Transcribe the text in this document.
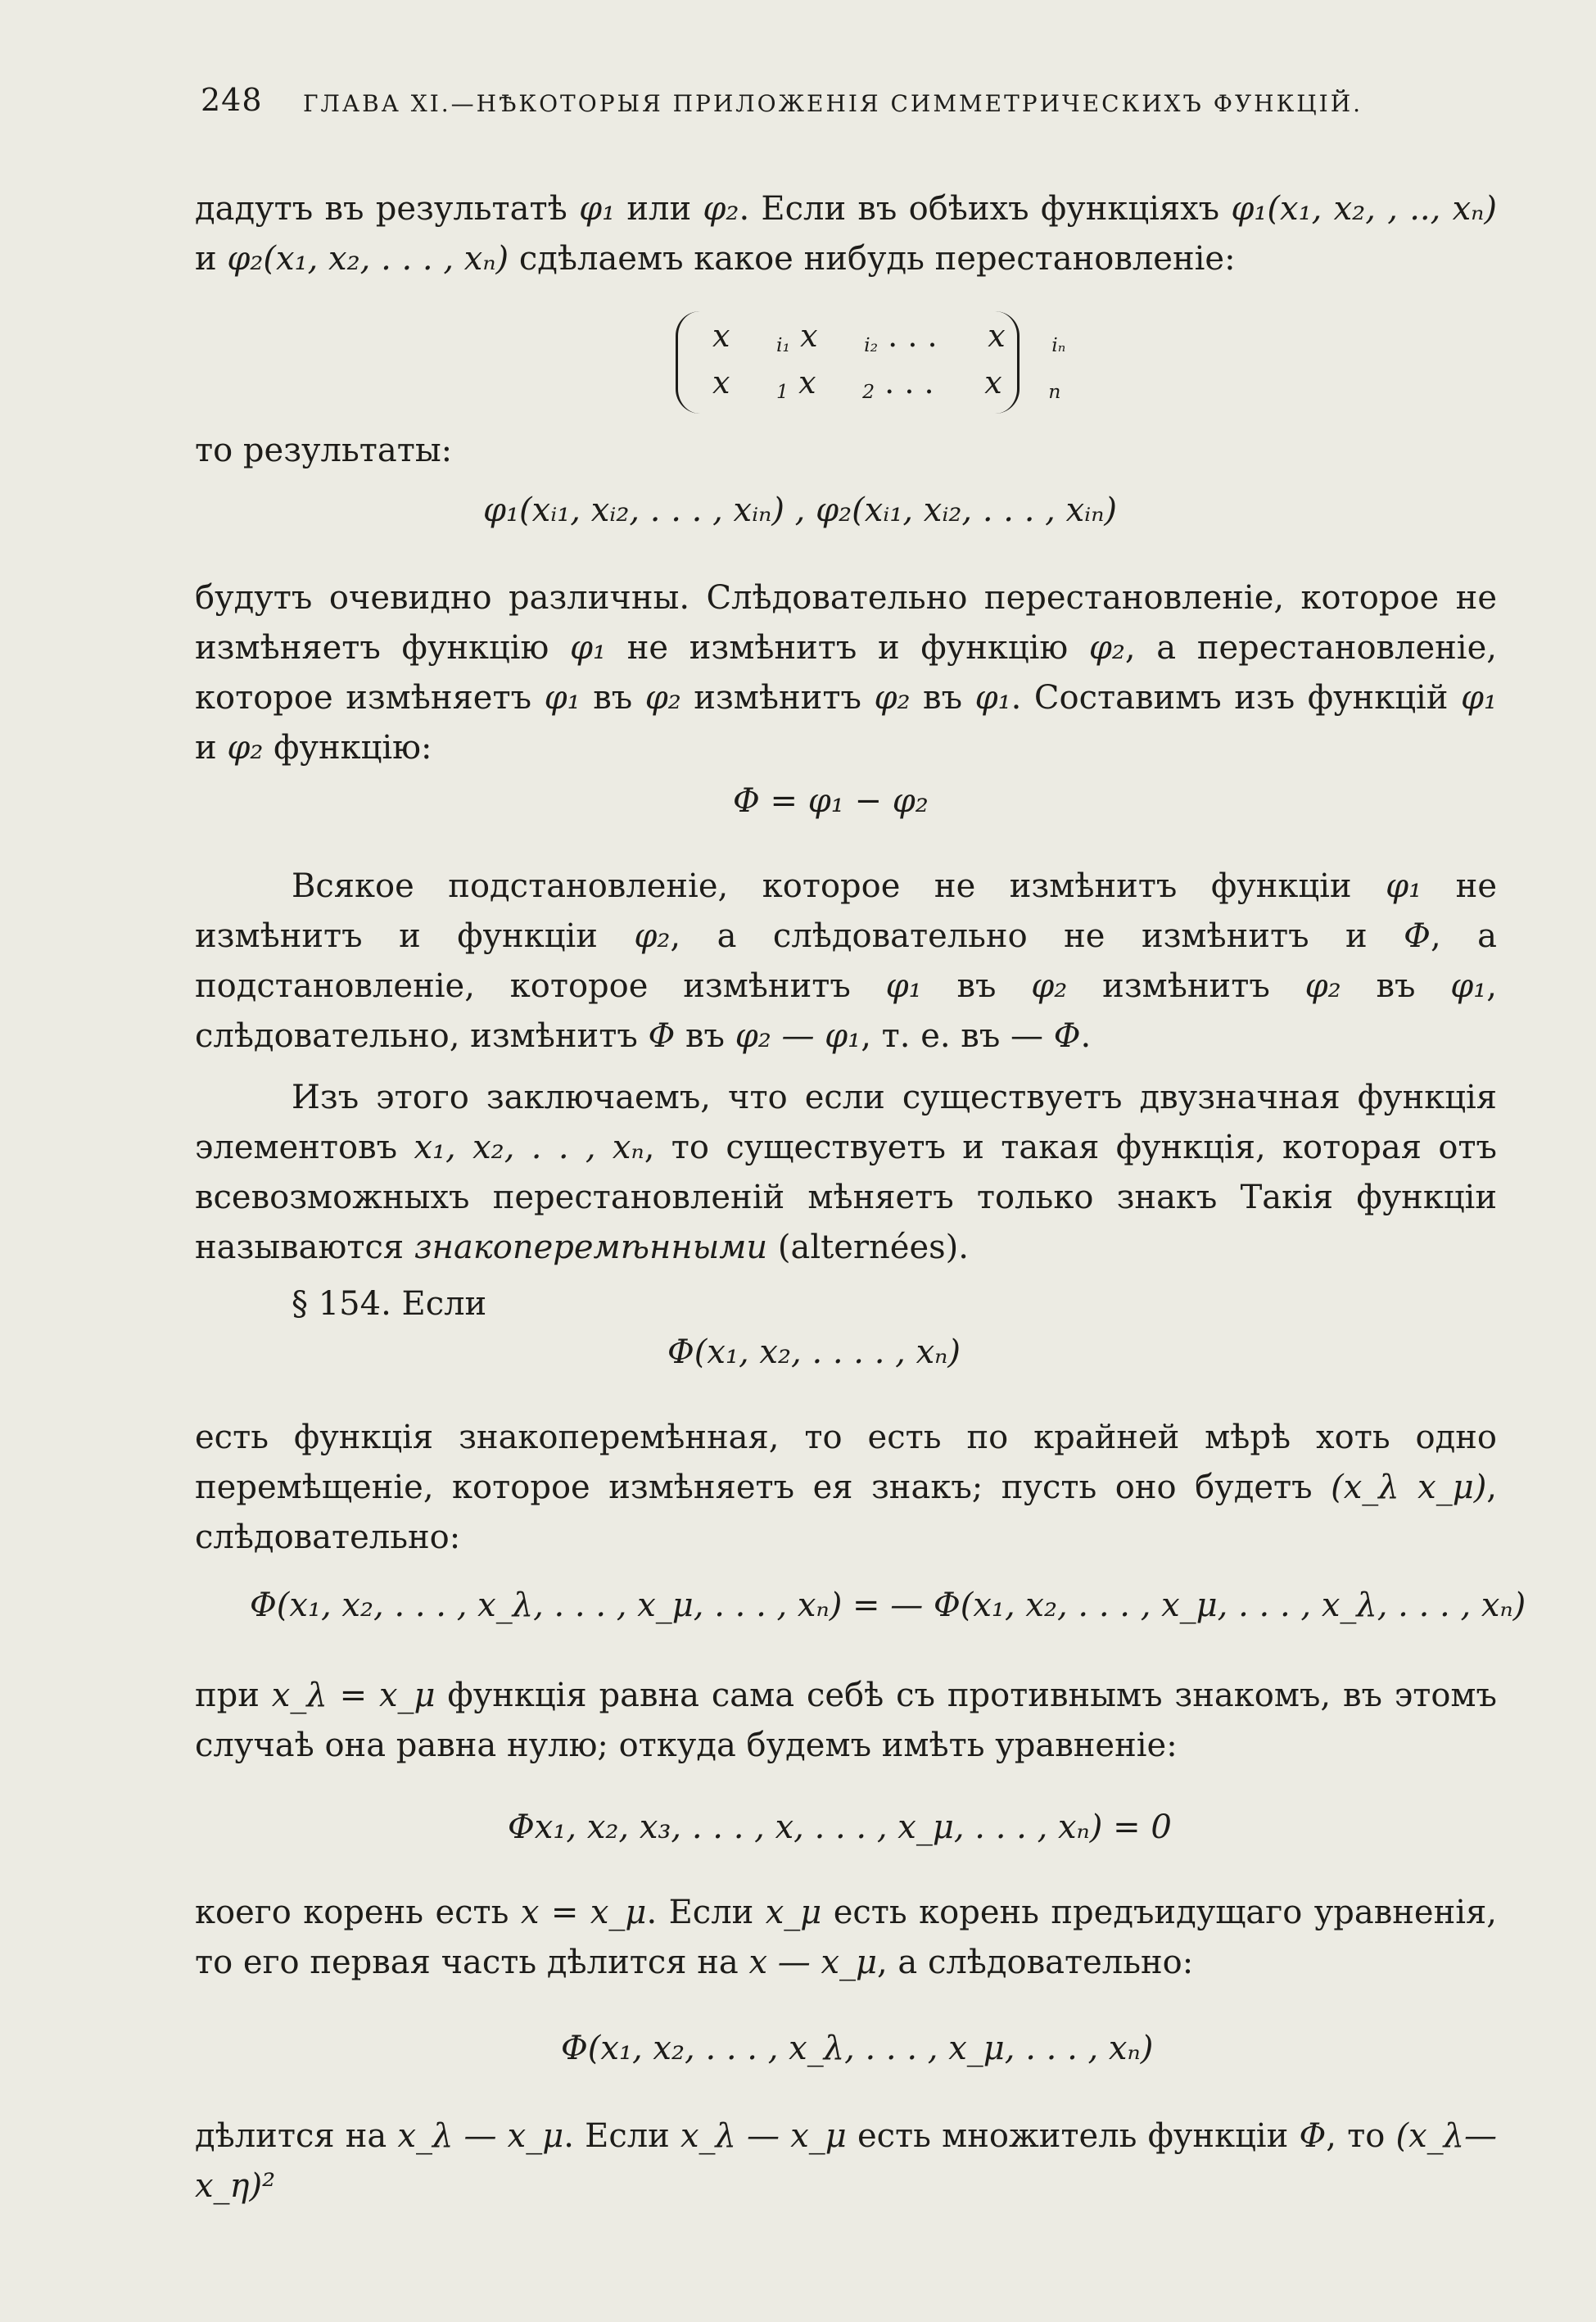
248 ГЛАВА XI.—НѢКОТОРЫЯ ПРИЛОЖЕНІЯ СИММЕТРИЧЕСКИХЪ ФУНКЦІЙ.
дадутъ въ результатѣ φ₁ или φ₂. Если въ обѣихъ функціяхъ φ₁(x₁, x₂, , .., xₙ) и φ₂(x₁, x₂, . . . , xₙ) сдѣлаемъ какое нибудь перестановленіе:
x $_{i_1}$ x $_{i_2}$ . . . x $_{i_n}$
x $_1$ x $_2$ . . . x $_n$
то результаты:
φ₁(xᵢ₁, xᵢ₂, . . . , xᵢₙ) , φ₂(xᵢ₁, xᵢ₂, . . . , xᵢₙ)
будутъ очевидно различны. Слѣдовательно перестановленіе, которое не измѣняетъ функцію φ₁ не измѣнитъ и функцію φ₂, а перестановленіе, которое измѣняетъ φ₁ въ φ₂ измѣнитъ φ₂ въ φ₁. Составимъ изъ функцій φ₁ и φ₂ функцію:
Φ = φ₁ − φ₂
Всякое подстановленіе, которое не измѣнитъ функціи φ₁ не измѣнитъ и функціи φ₂, а слѣдовательно не измѣнитъ и Φ, а подстановленіе, которое измѣнитъ φ₁ въ φ₂ измѣнитъ φ₂ въ φ₁, слѣдовательно, измѣнитъ Φ въ φ₂ — φ₁, т. е. въ — Φ.
Изъ этого заключаемъ, что если существуетъ двузначная функція элементовъ x₁, x₂, . . , xₙ, то существуетъ и такая функція, которая отъ всевозможныхъ перестановленій мѣняетъ только знакъ Такія функціи называются знакоперемѣнными (alternées).
§ 154. Если
Φ(x₁, x₂, . . . . , xₙ)
есть функція знакоперемѣнная, то есть по крайней мѣрѣ хоть одно перемѣщеніе, которое измѣняетъ ея знакъ; пусть оно будетъ (x_λ x_μ), слѣдовательно:
Φ(x₁, x₂, . . . , x_λ, . . . , x_μ, . . . , xₙ) = — Φ(x₁, x₂, . . . , x_μ, . . . , x_λ, . . . , xₙ)
при x_λ = x_μ функція равна сама себѣ съ противнымъ знакомъ, въ этомъ случаѣ она равна нулю; откуда будемъ имѣть уравненіе:
Φx₁, x₂, x₃, . . . , x, . . . , x_μ, . . . , xₙ) = 0
коего корень есть x = x_μ. Если x_μ есть корень предъидущаго уравненія, то его первая часть дѣлится на x — x_μ, а слѣдовательно:
Φ(x₁, x₂, . . . , x_λ, . . . , x_μ, . . . , xₙ)
дѣлится на x_λ — x_μ. Если x_λ — x_μ есть множитель функціи Φ, то (x_λ—x_η)²
